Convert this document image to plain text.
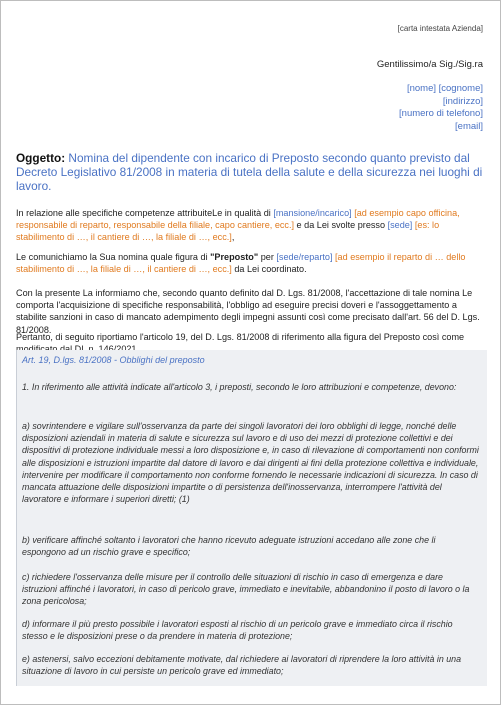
[carta intestata Azienda]
Gentilissimo/a Sig./Sig.ra
[nome] [cognome]
[indirizzo]
[numero di telefono]
[email]
Oggetto: Nomina del dipendente con incarico di Preposto secondo quanto previsto dal Decreto Legislativo 81/2008 in materia di tutela della salute e della sicurezza nei luoghi di lavoro.
In relazione alle specifiche competenze attribuiteLe in qualità di [mansione/incarico] [ad esempio capo officina, responsabile di reparto, responsabile della filiale, capo cantiere, ecc.] e da Lei svolte presso [sede] [es: lo stabilimento di …, il cantiere di …, la filiale di …, ecc.],
Le comunichiamo la Sua nomina quale figura di "Preposto" per [sede/reparto] [ad esempio il reparto di … dello stabilimento di …, la filiale di …, il cantiere di …, ecc.] da Lei coordinato.
Con la presente La informiamo che, secondo quanto definito dal D. Lgs. 81/2008, l'accettazione di tale nomina Le comporta l'acquisizione di specifiche responsabilità, l'obbligo ad eseguire precisi doveri e l'assoggettamento a stabilite sanzioni in caso di mancato adempimento degli impegni assunti così come precisato dall'art. 56 del D. Lgs. 81/2008.
Pertanto, di seguito riportiamo l'articolo 19, del D. Lgs. 81/2008 di riferimento alla figura del Preposto così come
Art. 19, D.lgs. 81/2008 - Obblighi del preposto
1. In riferimento alle attività indicate all'articolo 3, i preposti, secondo le loro attribuzioni e competenze, devono:
a) sovrintendere e vigilare sull'osservanza da parte dei singoli lavoratori dei loro obblighi di legge, nonché delle disposizioni aziendali in materia di salute e sicurezza sul lavoro e di uso dei mezzi di protezione collettivi e dei dispositivi di protezione individuale messi a loro disposizione e, in caso di rilevazione di comportamenti non conformi alle disposizioni e istruzioni impartite dal datore di lavoro e dai dirigenti ai fini della protezione collettiva e individuale, intervenire per modificare il comportamento non conforme fornendo le necessarie indicazioni di sicurezza. In caso di mancata attuazione delle disposizioni impartite o di persistenza dell'inosservanza, interrompere l'attività del lavoratore e informare i superiori diretti; (1)
b) verificare affinché soltanto i lavoratori che hanno ricevuto adeguate istruzioni accedano alle zone che li espongono ad un rischio grave e specifico;
c) richiedere l'osservanza delle misure per il controllo delle situazioni di rischio in caso di emergenza e dare istruzioni affinché i lavoratori, in caso di pericolo grave, immediato e inevitabile, abbandonino il posto di lavoro o la zona pericolosa;
d) informare il più presto possibile i lavoratori esposti al rischio di un pericolo grave e immediato circa il rischio stesso e le disposizioni prese o da prendere in materia di protezione;
e) astenersi, salvo eccezioni debitamente motivate, dal richiedere ai lavoratori di riprendere la loro attività in una situazione di lavoro in cui persiste un pericolo grave ed immediato;
